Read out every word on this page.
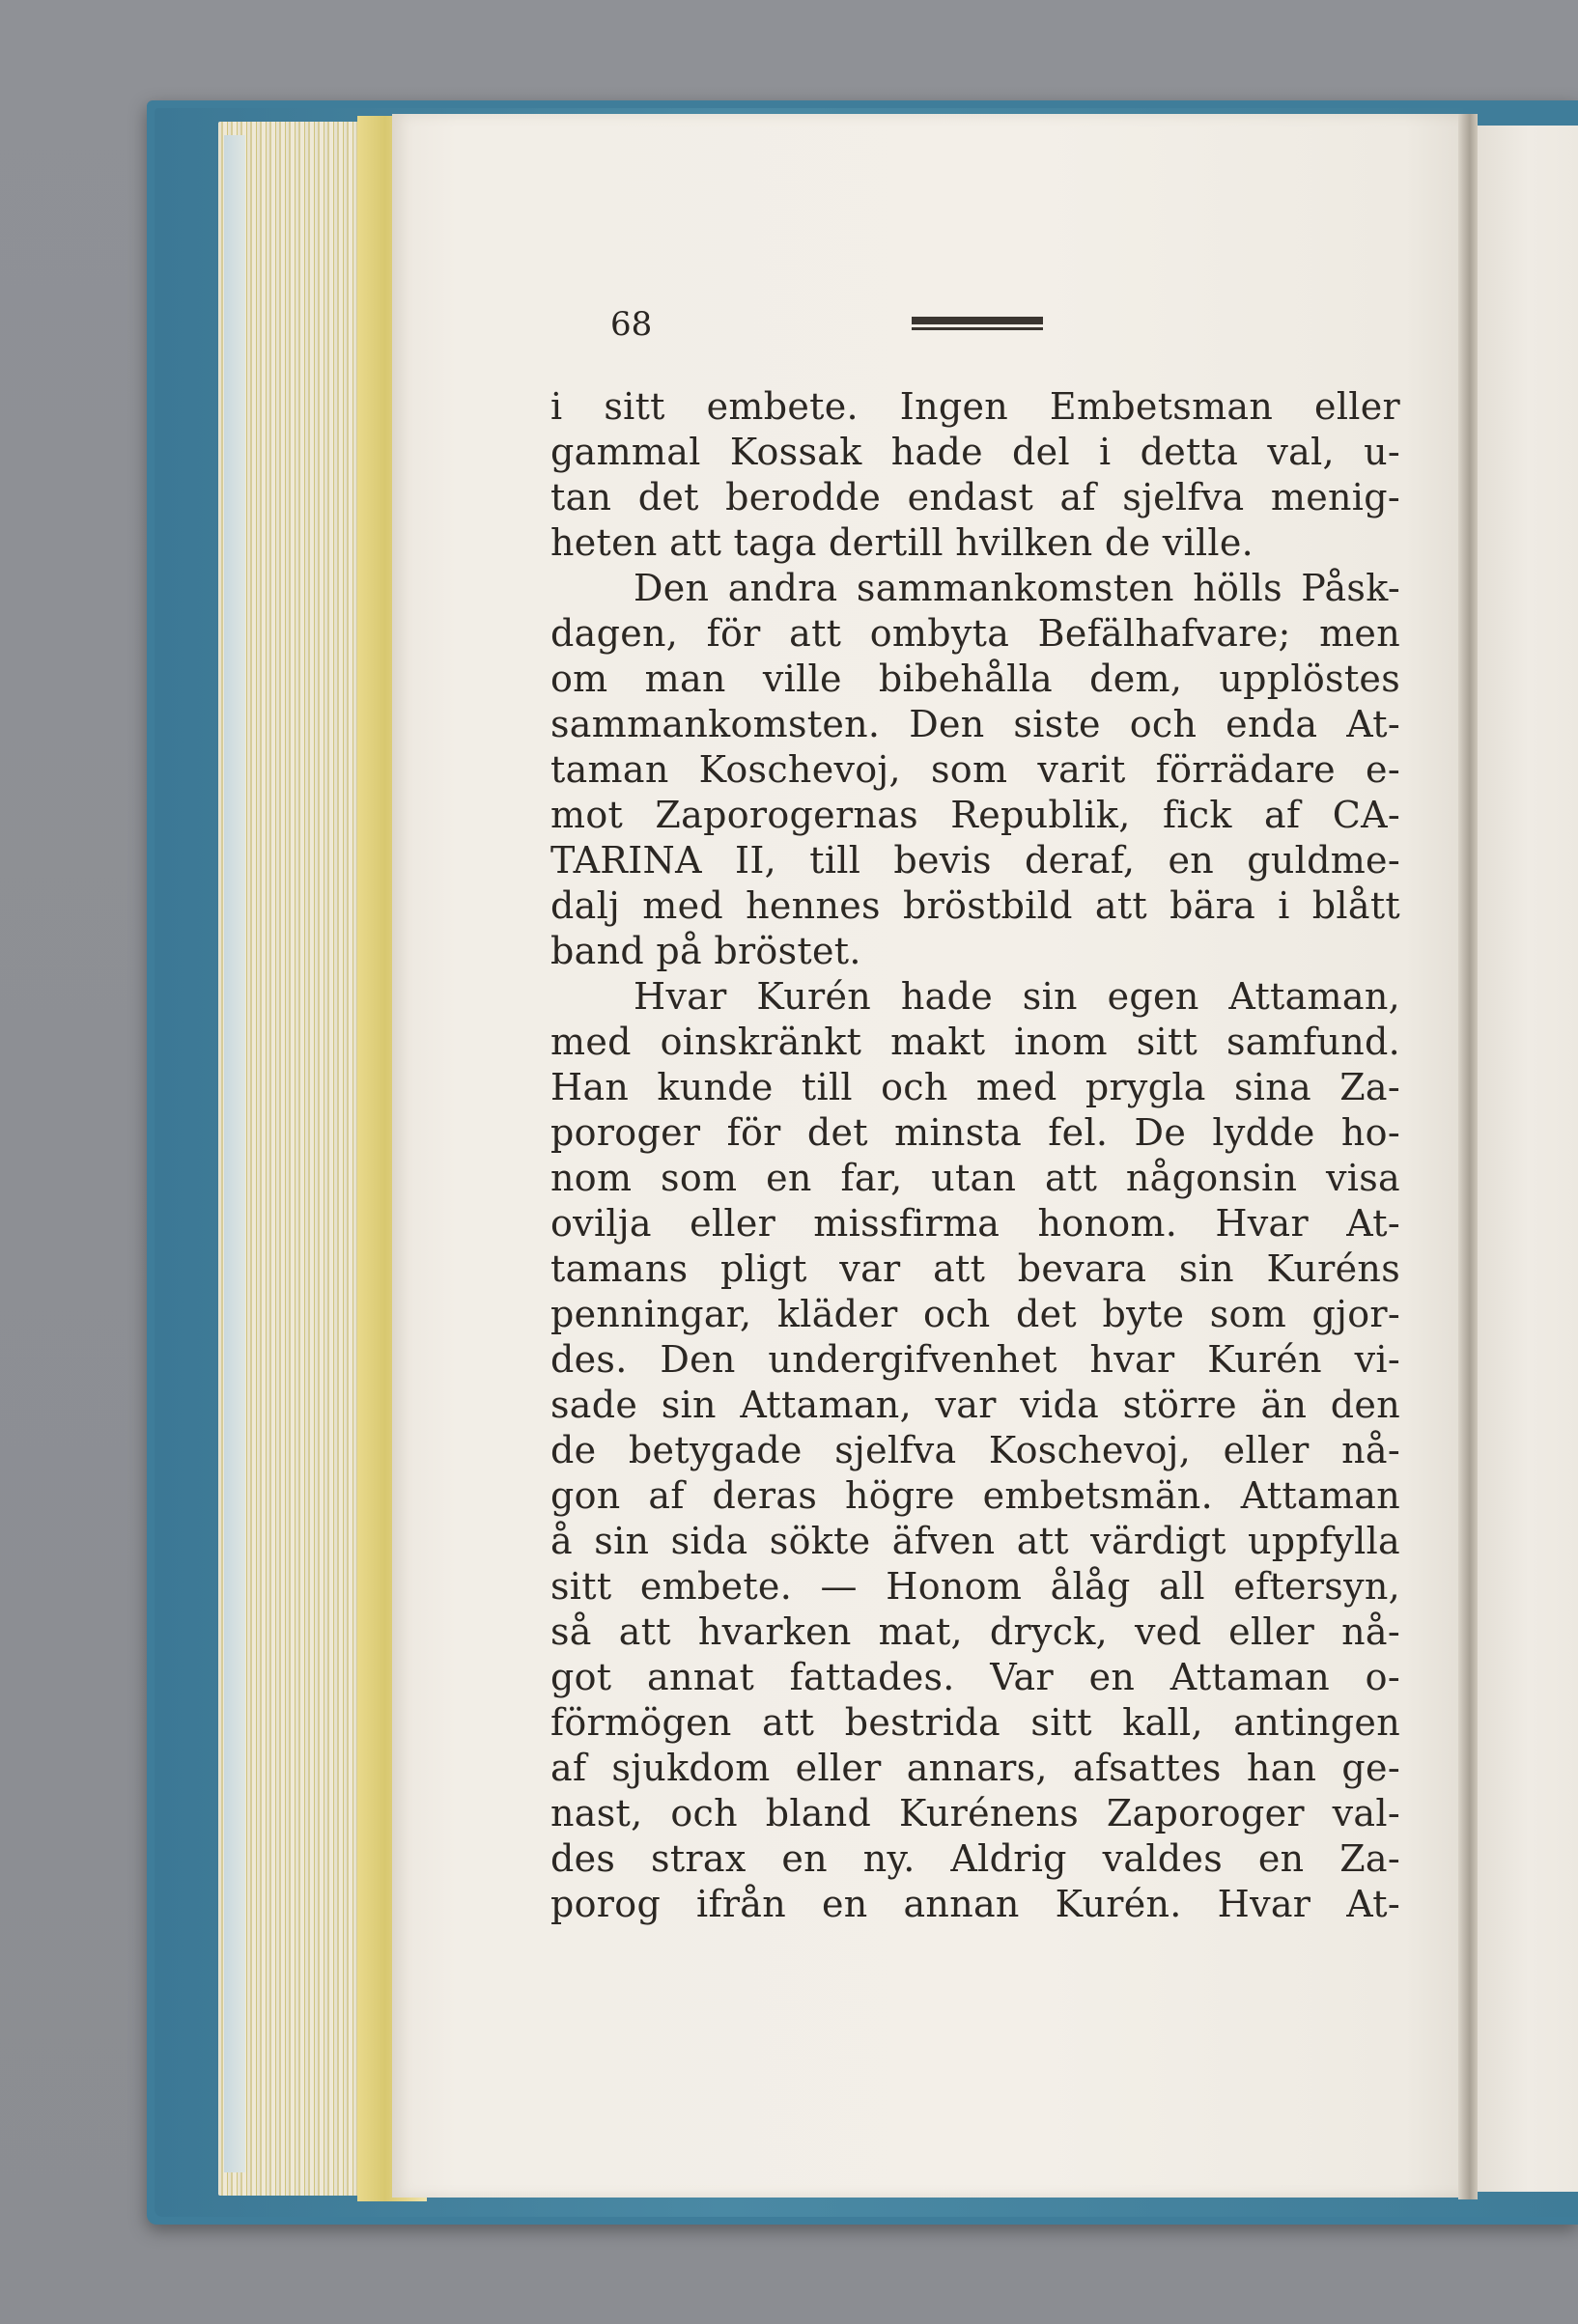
68
i sitt embete. Ingen Embetsman eller
gammal Kossak hade del i detta val, u-
tan det berodde endast af sjelfva menig-
heten att taga dertill hvilken de ville.
Den andra sammankomsten hölls Påsk-
dagen, för att ombyta Befälhafvare; men
om man ville bibehålla dem, upplöstes
sammankomsten. Den siste och enda At-
taman Koschevoj, som varit förrädare e-
mot Zaporogernas Republik, fick af CA-
TARINA II, till bevis deraf, en guldme-
dalj med hennes bröstbild att bära i blått
band på bröstet.
Hvar Kurén hade sin egen Attaman,
med oinskränkt makt inom sitt samfund.
Han kunde till och med prygla sina Za-
poroger för det minsta fel. De lydde ho-
nom som en far, utan att någonsin visa
ovilja eller missfirma honom. Hvar At-
tamans pligt var att bevara sin Kuréns
penningar, kläder och det byte som gjor-
des. Den undergifvenhet hvar Kurén vi-
sade sin Attaman, var vida större än den
de betygade sjelfva Koschevoj, eller nå-
gon af deras högre embetsmän. Attaman
å sin sida sökte äfven att värdigt uppfylla
sitt embete. — Honom ålåg all eftersyn,
så att hvarken mat, dryck, ved eller nå-
got annat fattades. Var en Attaman o-
förmögen att bestrida sitt kall, antingen
af sjukdom eller annars, afsattes han ge-
nast, och bland Kurénens Zaporoger val-
des strax en ny. Aldrig valdes en Za-
porog ifrån en annan Kurén. Hvar At-
